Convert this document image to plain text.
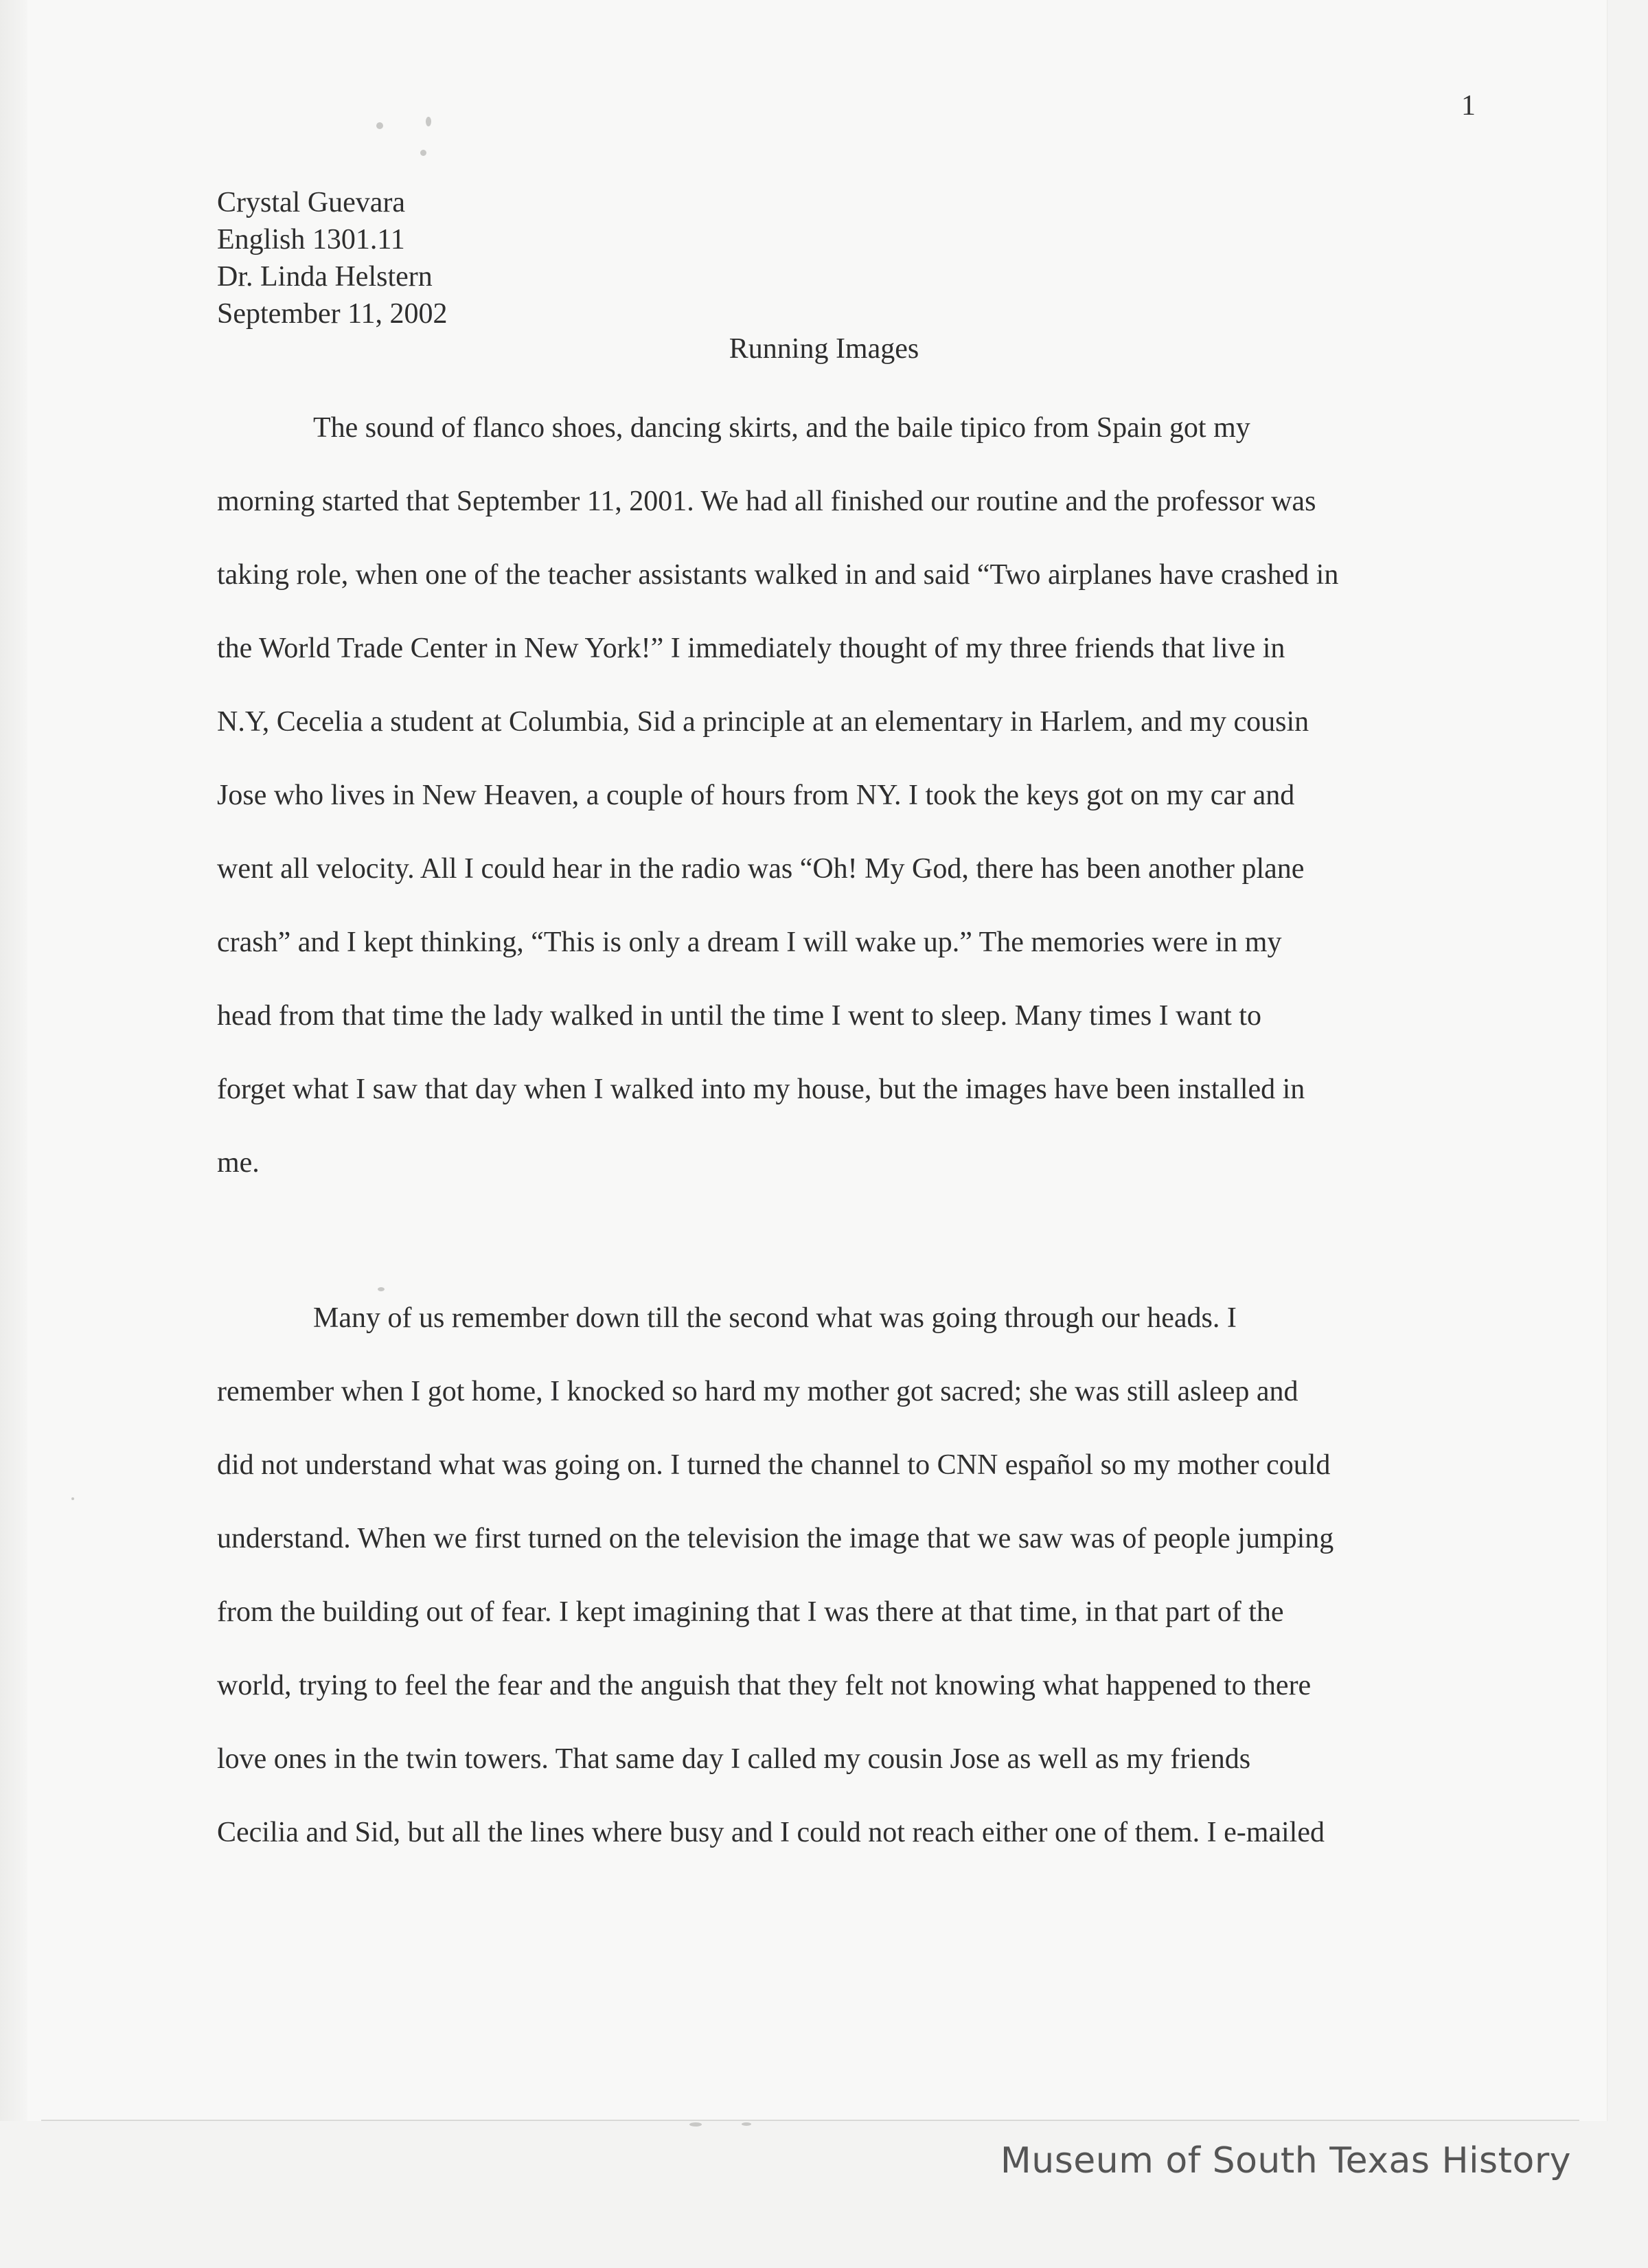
1
Crystal Guevara
English 1301.11
Dr. Linda Helstern
September 11, 2002
Running Images
The sound of flanco shoes, dancing skirts, and the baile tipico from Spain got my
morning started that September 11, 2001. We had all finished our routine and the professor was
taking role, when one of the teacher assistants walked in and said “Two airplanes have crashed in
the World Trade Center in New York!” I immediately thought of my three friends that live in
N.Y, Cecelia a student at Columbia, Sid a principle at an elementary in Harlem, and my cousin
Jose who lives in New Heaven, a couple of hours from NY. I took the keys got on my car and
went all velocity. All I could hear in the radio was “Oh! My God, there has been another plane
crash” and I kept thinking, “This is only a dream I will wake up.” The memories were in my
head from that time the lady walked in until the time I went to sleep. Many times I want to
forget what I saw that day when I walked into my house, but the images have been installed in
me.
Many of us remember down till the second what was going through our heads. I
remember when I got home, I knocked so hard my mother got sacred; she was still asleep and
did not understand what was going on. I turned the channel to CNN español so my mother could
understand. When we first turned on the television the image that we saw was of people jumping
from the building out of fear. I kept imagining that I was there at that time, in that part of the
world, trying to feel the fear and the anguish that they felt not knowing what happened to there
love ones in the twin towers. That same day I called my cousin Jose as well as my friends
Cecilia and Sid, but all the lines where busy and I could not reach either one of them. I e-mailed
Museum of South Texas History
